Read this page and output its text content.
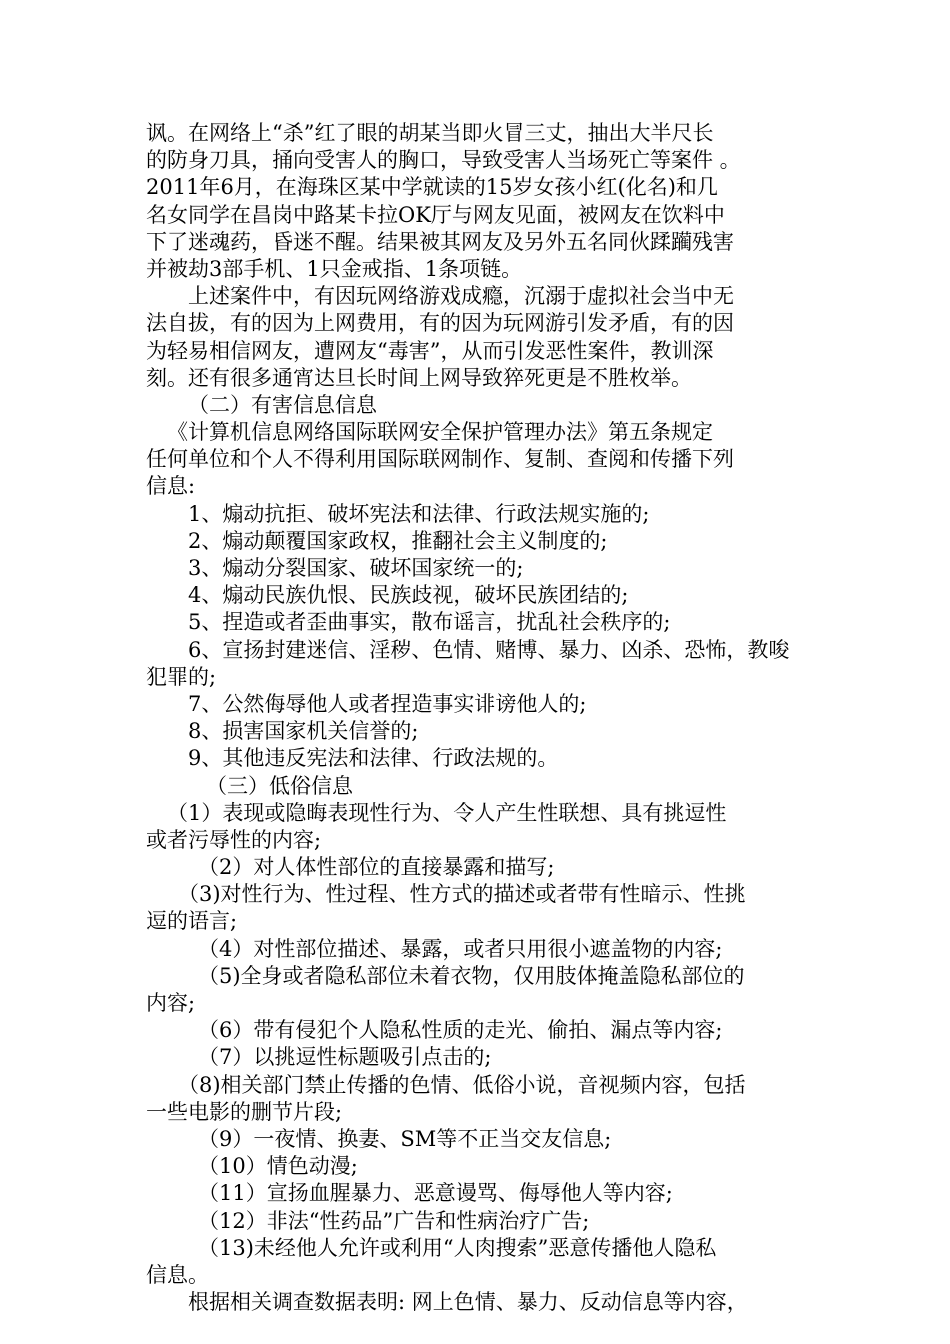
讽。在网络上“杀”红了眼的胡某当即火冒三丈，抽出大半尺长
的防身刀具，捅向受害人的胸口，导致受害人当场死亡等案件 。
2011年6月，在海珠区某中学就读的15岁女孩小红(化名)和几
名女同学在昌岗中路某卡拉OK厅与网友见面，被网友在饮料中
下了迷魂药，昏迷不醒。结果被其网友及另外五名同伙蹂躏残害
并被劫3部手机、1只金戒指、1条项链。
上述案件中，有因玩网络游戏成瘾，沉溺于虚拟社会当中无
法自拔，有的因为上网费用，有的因为玩网游引发矛盾，有的因
为轻易相信网友，遭网友“毒害”，从而引发恶性案件，教训深
刻。还有很多通宵达旦长时间上网导致猝死更是不胜枚举。
（二）有害信息信息
《计算机信息网络国际联网安全保护管理办法》第五条规定
任何单位和个人不得利用国际联网制作、复制、查阅和传播下列
信息:
1、煽动抗拒、破坏宪法和法律、行政法规实施的;
2、煽动颠覆国家政权，推翻社会主义制度的;
3、煽动分裂国家、破坏国家统一的;
4、煽动民族仇恨、民族歧视，破坏民族团结的;
5、捏造或者歪曲事实，散布谣言，扰乱社会秩序的;
6、宣扬封建迷信、淫秽、色情、赌博、暴力、凶杀、恐怖，教唆
犯罪的;
7、公然侮辱他人或者捏造事实诽谤他人的;
8、损害国家机关信誉的;
9、其他违反宪法和法律、行政法规的。
（三）低俗信息
（1）表现或隐晦表现性行为、令人产生性联想、具有挑逗性
或者污辱性的内容;
（2）对人体性部位的直接暴露和描写;
（3)对性行为、性过程、性方式的描述或者带有性暗示、性挑
逗的语言;
（4）对性部位描述、暴露，或者只用很小遮盖物的内容;
（5)全身或者隐私部位未着衣物，仅用肢体掩盖隐私部位的
内容;
（6）带有侵犯个人隐私性质的走光、偷拍、漏点等内容;
（7）以挑逗性标题吸引点击的;
（8)相关部门禁止传播的色情、低俗小说，音视频内容，包括
一些电影的删节片段;
（9）一夜情、换妻、SM等不正当交友信息;
（10）情色动漫;
（11）宣扬血腥暴力、恶意谩骂、侮辱他人等内容;
（12）非法“性药品”广告和性病治疗广告;
（13)未经他人允许或利用“人肉搜索”恶意传播他人隐私
信息。
根据相关调查数据表明: 网上色情、暴力、反动信息等内容，
